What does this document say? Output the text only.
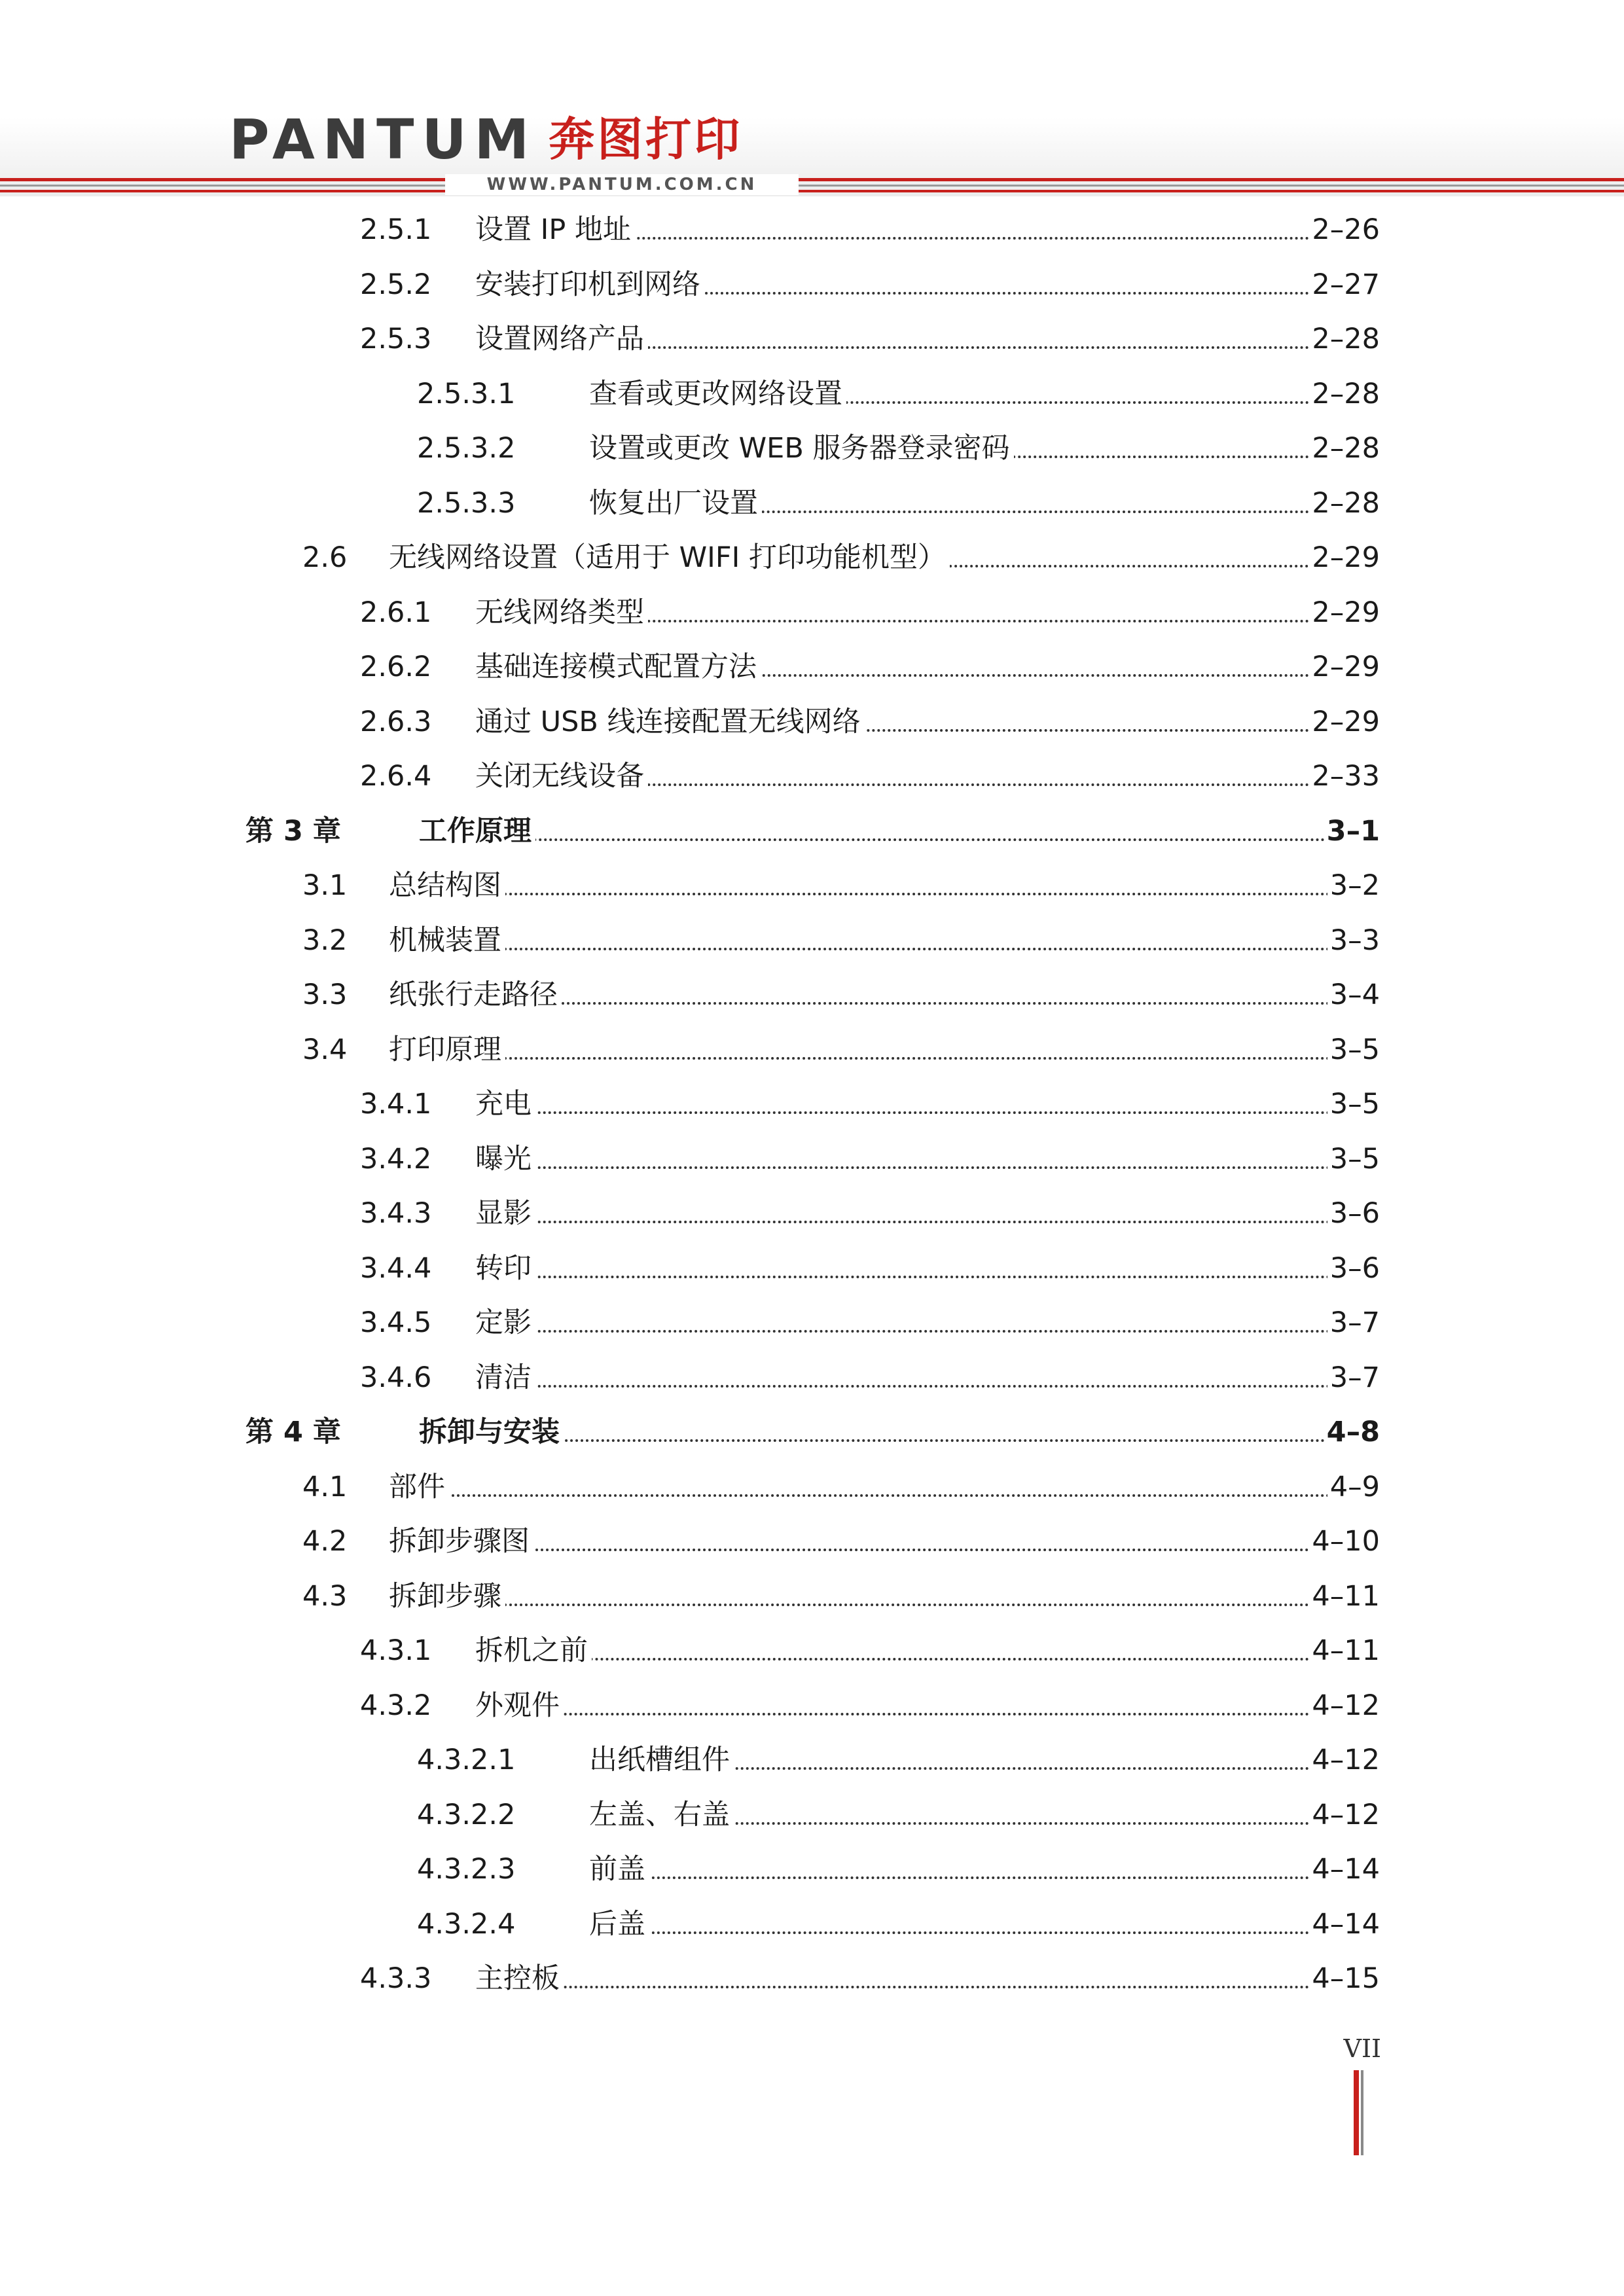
PANTUM 奔图打印
WWW.PANTUM.COM.CN
2.5.1 设置 IP 地址	2–26
2.5.2 安装打印机到网络	2–27
2.5.3 设置网络产品	2–28
2.5.3.1	查看或更改网络设置	2–28
2.5.3.2	设置或更改 WEB 服务器登录密码	2–28
2.5.3.3	恢复出厂设置	2–28
2.6 无线网络设置（适用于 WIFI 打印功能机型）	2–29
2.6.1 无线网络类型	2–29
2.6.2 基础连接模式配置方法	2–29
2.6.3 通过 USB 线连接配置无线网络	2–29
2.6.4 关闭无线设备	2–33
第 3 章	工作原理	3–1
3.1 总结构图	3–2
3.2 机械装置	3–3
3.3 纸张行走路径	3–4
3.4 打印原理	3–5
3.4.1 充电	3–5
3.4.2 曝光	3–5
3.4.3 显影	3–6
3.4.4 转印	3–6
3.4.5 定影	3–7
3.4.6 清洁	3–7
第 4 章	拆卸与安装	4–8
4.1 部件	4–9
4.2 拆卸步骤图	4–10
4.3 拆卸步骤	4–11
4.3.1 拆机之前	4–11
4.3.2 外观件	4–12
4.3.2.1	出纸槽组件	4–12
4.3.2.2	左盖、右盖	4–12
4.3.2.3	前盖	4–14
4.3.2.4	后盖	4–14
4.3.3 主控板	4–15
VII
